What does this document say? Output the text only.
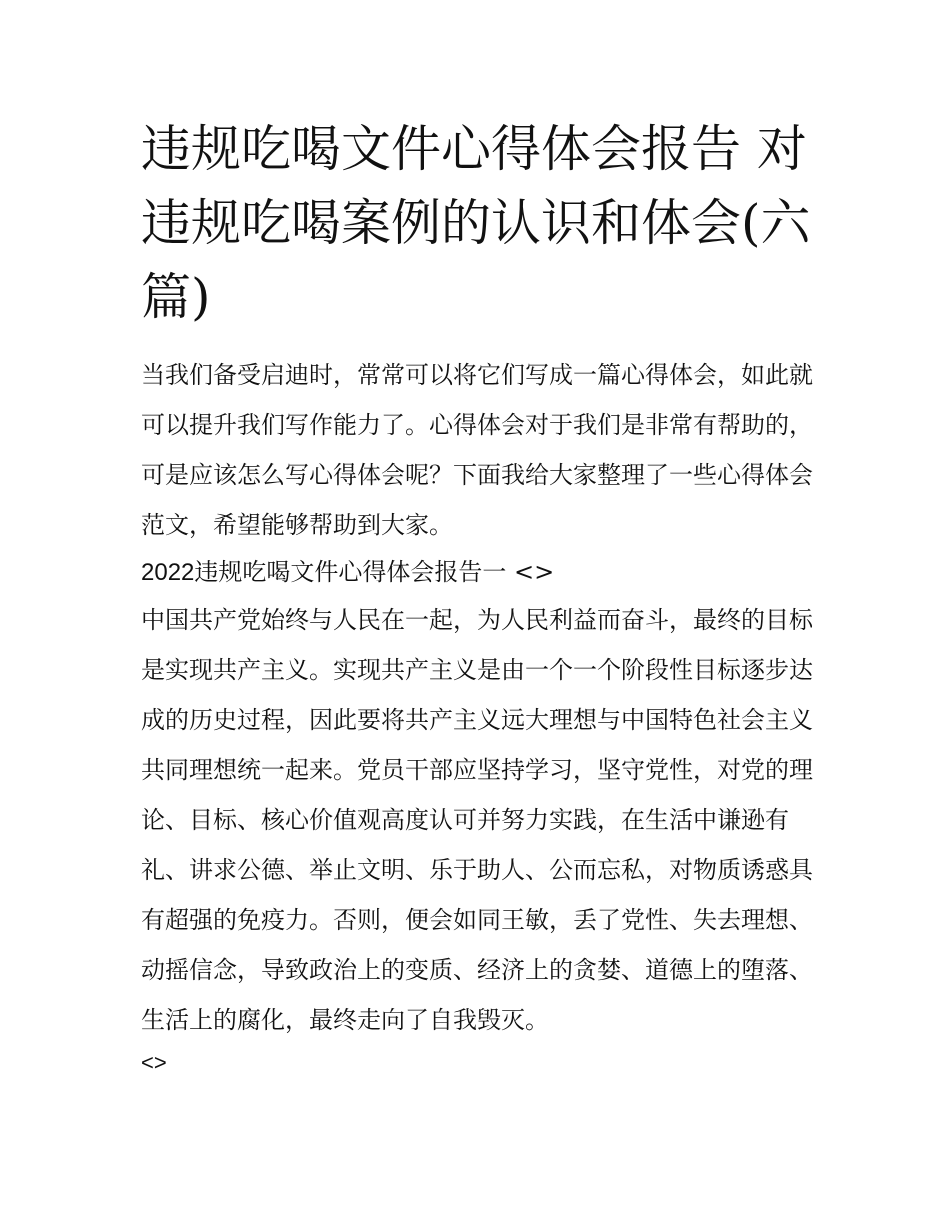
违规吃喝文件心得体会报告 对违规吃喝案例的认识和体会(六篇)

当我们备受启迪时，常常可以将它们写成一篇心得体会，如此就可以提升我们写作能力了。心得体会对于我们是非常有帮助的，可是应该怎么写心得体会呢？下面我给大家整理了一些心得体会范文，希望能够帮助到大家。

2022违规吃喝文件心得体会报告一 <>

中国共产党始终与人民在一起，为人民利益而奋斗，最终的目标是实现共产主义。实现共产主义是由一个一个阶段性目标逐步达成的历史过程，因此要将共产主义远大理想与中国特色社会主义共同理想统一起来。党员干部应坚持学习，坚守党性，对党的理论、目标、核心价值观高度认可并努力实践，在生活中谦逊有礼、讲求公德、举止文明、乐于助人、公而忘私，对物质诱惑具有超强的免疫力。否则，便会如同王敏，丢了党性、失去理想、动摇信念，导致政治上的变质、经济上的贪婪、道德上的堕落、生活上的腐化，最终走向了自我毁灭。

<>
